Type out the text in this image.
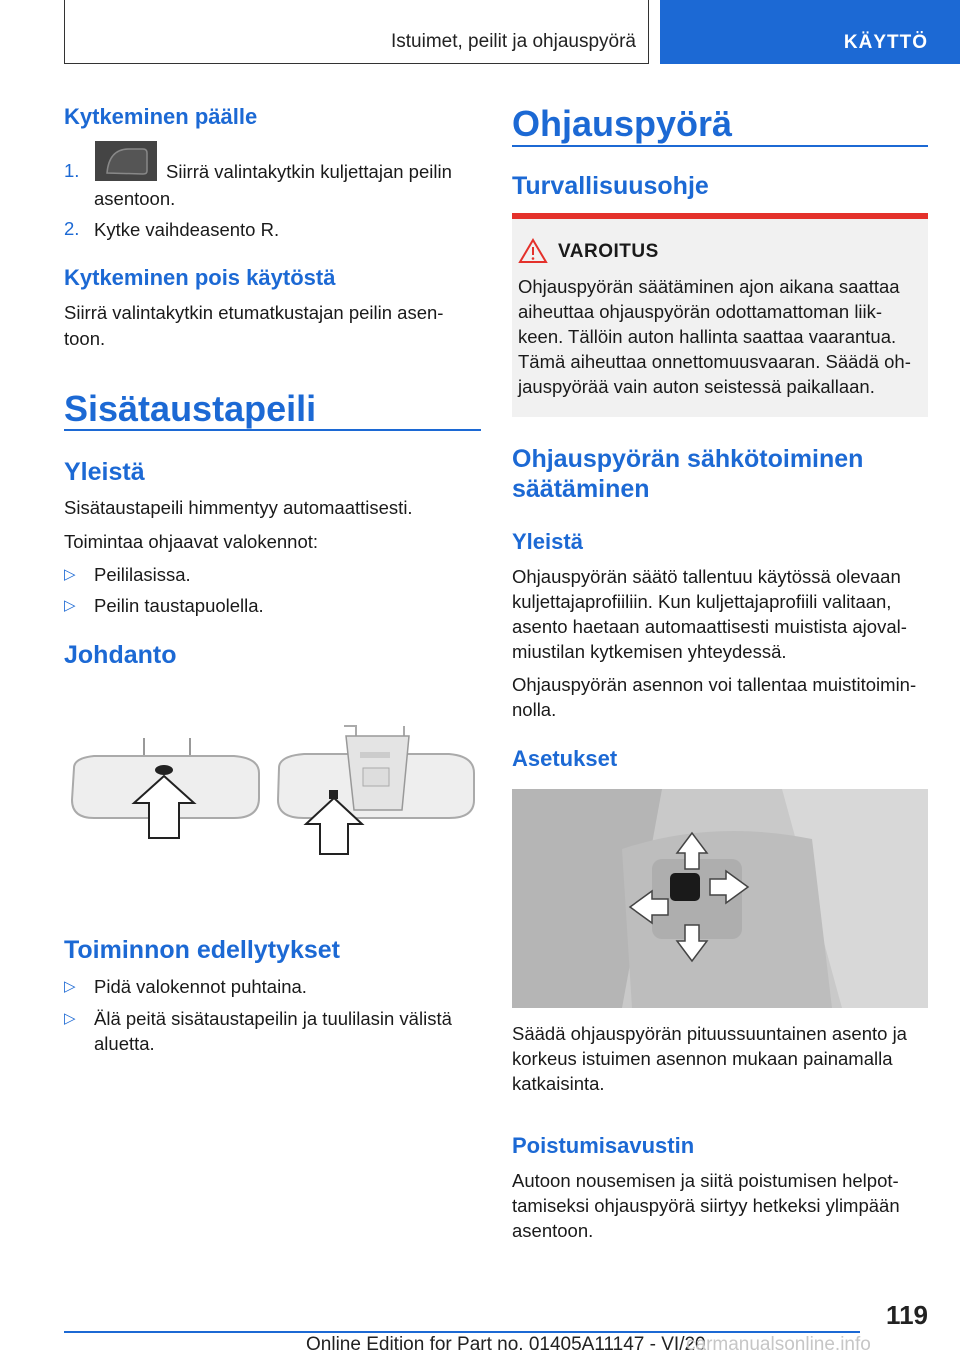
Istuimet, peilit ja ohjauspyörä	KÄYTTÖ
Kytkeminen päälle
1.	Siirrä valintakytkin kuljettajan peilin

asentoon.

2. Kytke vaihdeasento R.

Kytkeminen pois käytöstä

Siirrä valintakytkin etumatkustajan peilin asen-

toon.

Sisätaustapeili
Yleistä

Sisätaustapeili himmentyy automaattisesti.

Toimintaa ohjaavat valokennot:

▷ Peililasissa.

▷ Peilin taustapuolella.

Johdanto
Toiminnon edellytykset
▷ Pidä valokennot puhtaina.

▷ Älä peitä sisätaustapeilin ja tuulilasin välistä

aluetta.

Ohjauspyörä
Turvallisuusohje
VAROITUS

Ohjauspyörän säätäminen ajon aikana saattaa

aiheuttaa ohjauspyörän odottamattoman liik-

keen. Tällöin auton hallinta saattaa vaarantua.

Tämä aiheuttaa onnettomuusvaaran. Säädä oh-

jauspyörää vain auton seistessä paikallaan.

Ohjauspyörän sähkötoiminen
säätäminen
Yleistä

Ohjauspyörän säätö tallentuu käytössä olevaan

kuljettajaprofiiliin. Kun kuljettajaprofiili valitaan,

asento haetaan automaattisesti muistista ajoval-

miustilan kytkemisen yhteydessä.

Ohjauspyörän asennon voi tallentaa muistitoimin-

nolla.

Asetukset

Säädä ohjauspyörän pituussuuntainen asento ja

korkeus istuimen asennon mukaan painamalla

katkaisinta.

Poistumisavustin

Autoon nousemisen ja siitä poistumisen helpot-

tamiseksi ohjauspyörä siirtyy hetkeksi ylimpään

asentoon.

119
Online Edition for Part no. 01405A11147 - VI/20
carmanualsonline.info
